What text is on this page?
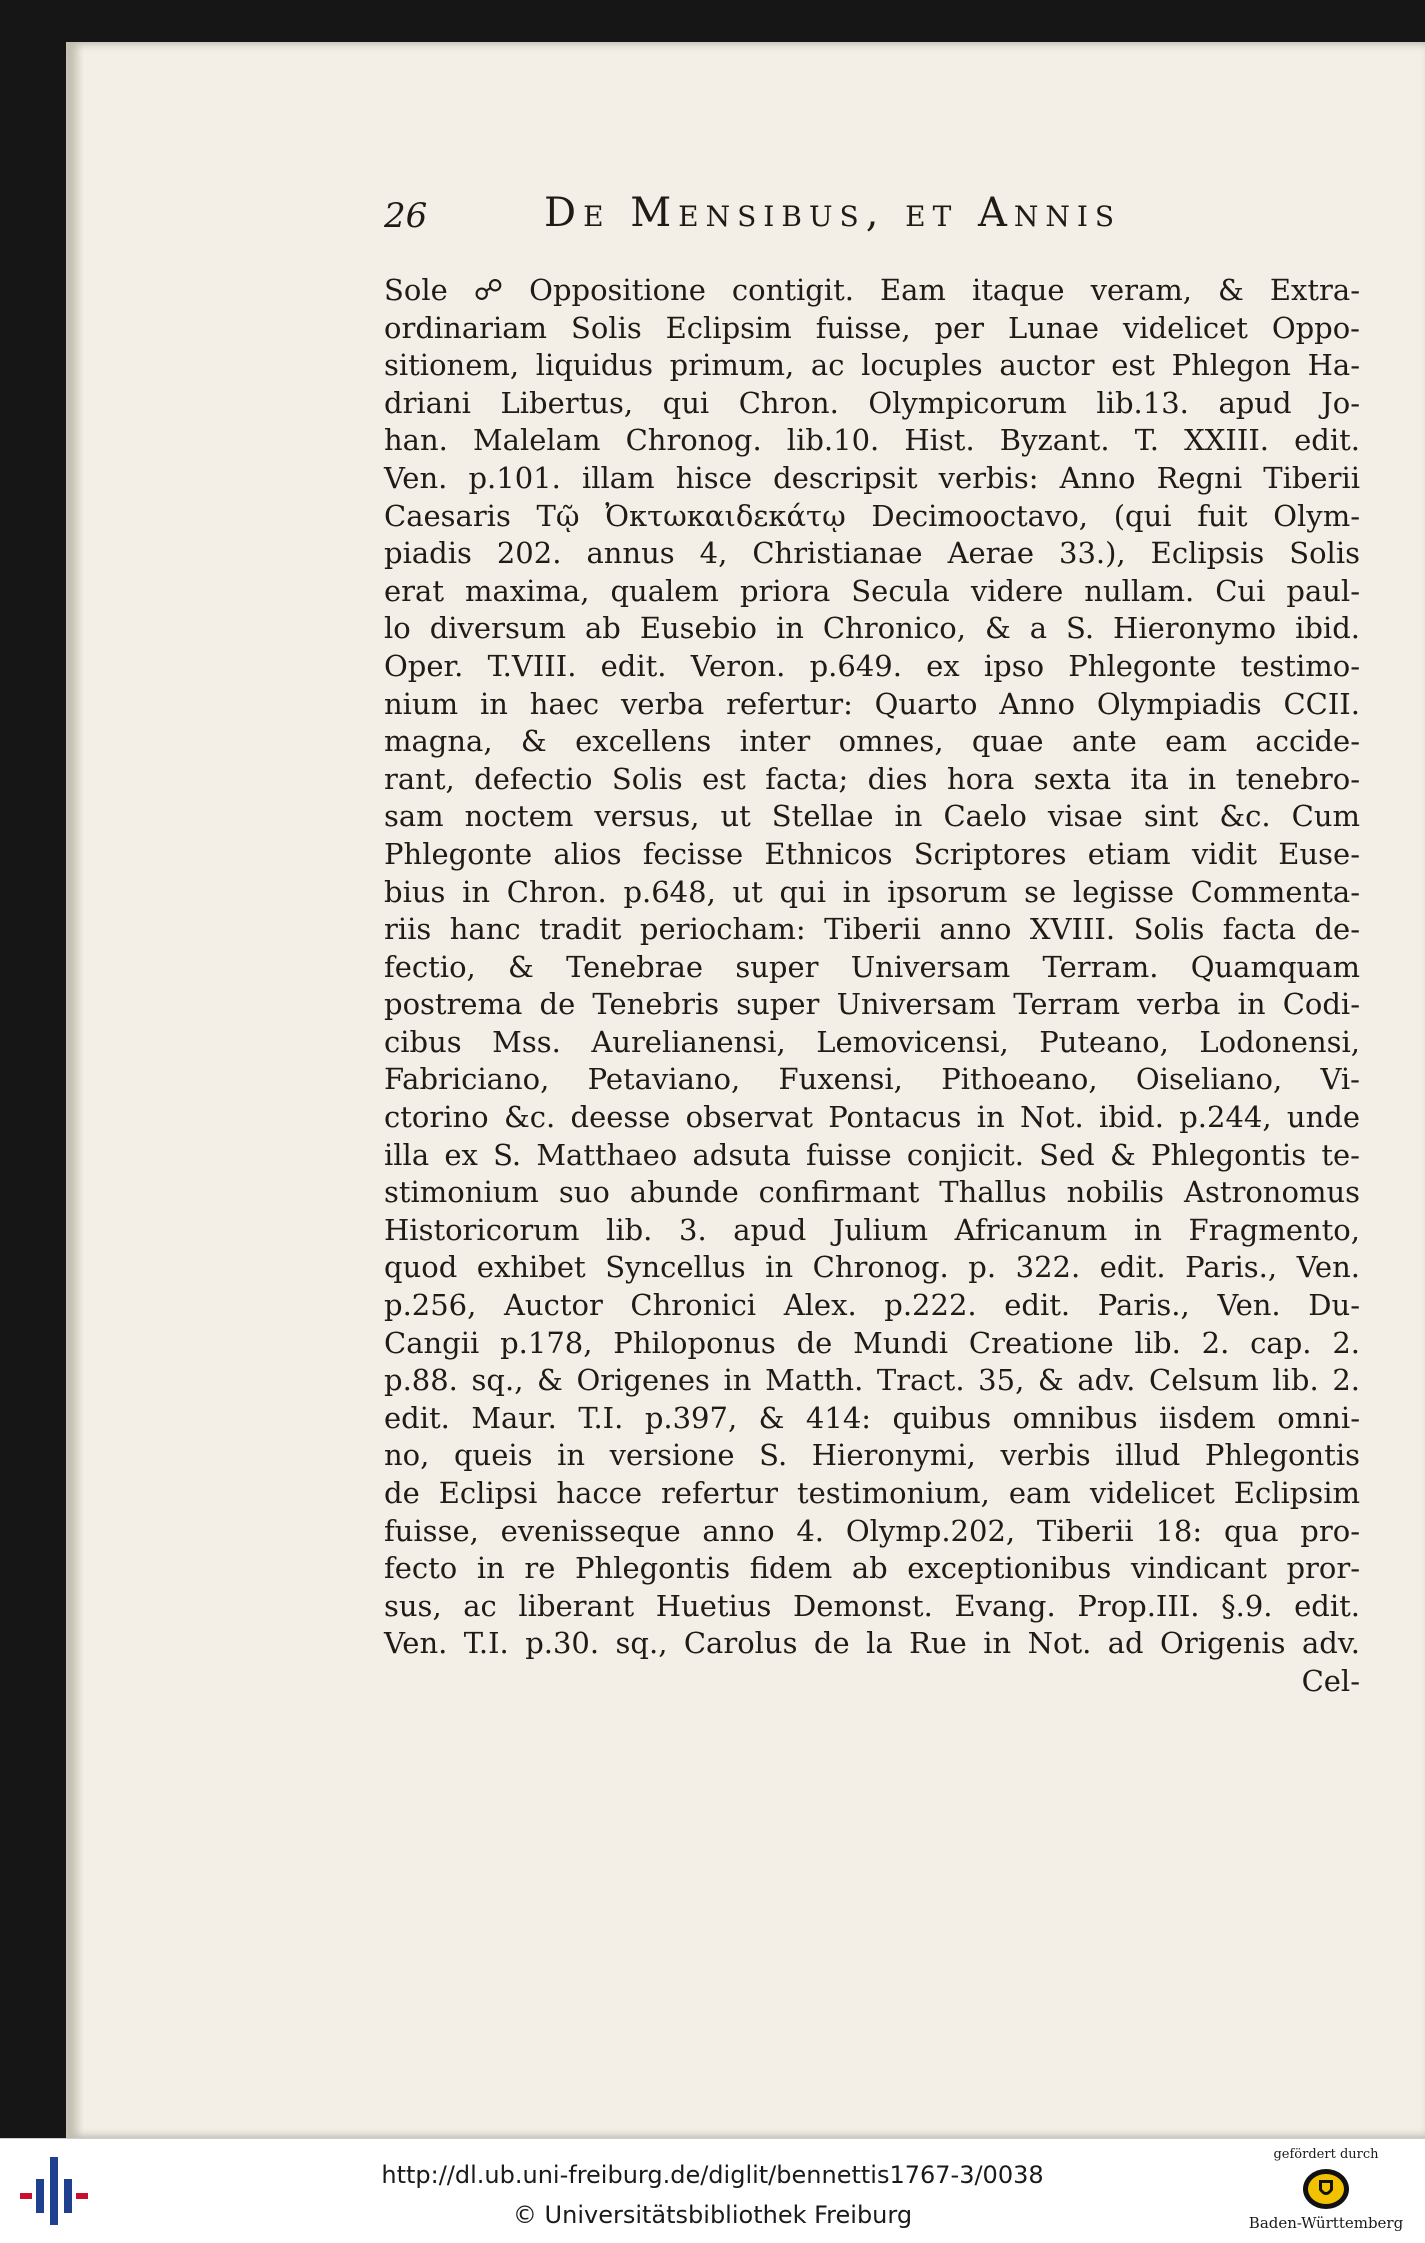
26	De Mensibus, et Annis
Sole ☍ Oppositione contigit. Eam itaque veram, & Extra-
ordinariam Solis Eclipsim fuisse, per Lunae videlicet Oppo-
sitionem, liquidus primum, ac locuples auctor est Phlegon Ha-
driani Libertus, qui Chron. Olympicorum lib.13. apud Jo-
han. Malelam Chronog. lib.10. Hist. Byzant. T. XXIII. edit.
Ven. p.101. illam hisce descripsit verbis: Anno Regni Tiberii
Caesaris Τῷ Ὀκτωκαιδεκάτῳ Decimooctavo, (qui fuit Olym-
piadis 202. annus 4, Christianae Aerae 33.), Eclipsis Solis
erat maxima, qualem priora Secula videre nullam. Cui paul-
lo diversum ab Eusebio in Chronico, & a S. Hieronymo ibid.
Oper. T.VIII. edit. Veron. p.649. ex ipso Phlegonte testimo-
nium in haec verba refertur: Quarto Anno Olympiadis CCII.
magna, & excellens inter omnes, quae ante eam accide-
rant, defectio Solis est facta; dies hora sexta ita in tenebro-
sam noctem versus, ut Stellae in Caelo visae sint &c. Cum
Phlegonte alios fecisse Ethnicos Scriptores etiam vidit Euse-
bius in Chron. p.648, ut qui in ipsorum se legisse Commenta-
riis hanc tradit periocham: Tiberii anno XVIII. Solis facta de-
fectio, & Tenebrae super Universam Terram. Quamquam
postrema de Tenebris super Universam Terram verba in Codi-
cibus Mss. Aurelianensi, Lemovicensi, Puteano, Lodonensi,
Fabriciano, Petaviano, Fuxensi, Pithoeano, Oiseliano, Vi-
ctorino &c. deesse observat Pontacus in Not. ibid. p.244, unde
illa ex S. Matthaeo adsuta fuisse conjicit. Sed & Phlegontis te-
stimonium suo abunde confirmant Thallus nobilis Astronomus
Historicorum lib. 3. apud Julium Africanum in Fragmento,
quod exhibet Syncellus in Chronog. p. 322. edit. Paris., Ven.
p.256, Auctor Chronici Alex. p.222. edit. Paris., Ven. Du-
Cangii p.178, Philoponus de Mundi Creatione lib. 2. cap. 2.
p.88. sq., & Origenes in Matth. Tract. 35, & adv. Celsum lib. 2.
edit. Maur. T.I. p.397, & 414: quibus omnibus iisdem omni-
no, queis in versione S. Hieronymi, verbis illud Phlegontis
de Eclipsi hacce refertur testimonium, eam videlicet Eclipsim
fuisse, evenisseque anno 4. Olymp.202, Tiberii 18: qua pro-
fecto in re Phlegontis fidem ab exceptionibus vindicant pror-
sus, ac liberant Huetius Demonst. Evang. Prop.III. §.9. edit.
Ven. T.I. p.30. sq., Carolus de la Rue in Not. ad Origenis adv.
Cel-
http://dl.ub.uni-freiburg.de/diglit/bennettis1767-3/0038
© Universitätsbibliothek Freiburg
gefördert durch
Baden-Württemberg
